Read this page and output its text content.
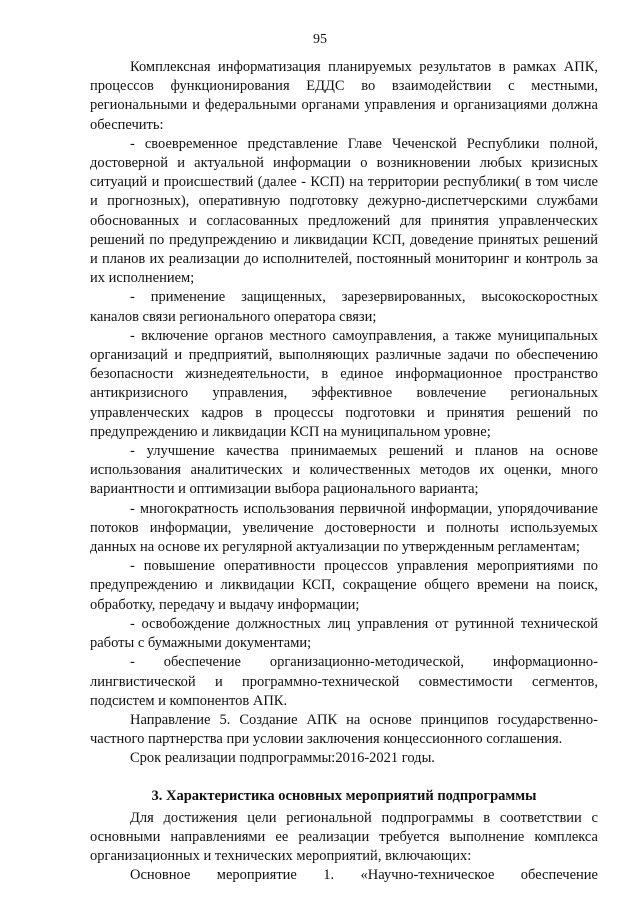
95

Комплексная информатизация планируемых результатов в рамках АПК, процессов функционирования ЕДДС во взаимодействии с местными, региональными и федеральными органами управления и организациями должна обеспечить:

- своевременное представление Главе Чеченской Республики полной, достоверной и актуальной информации о возникновении любых кризисных ситуаций и происшествий (далее - КСП) на территории республики( в том числе и прогнозных), оперативную подготовку дежурно-диспетчерскими службами обоснованных и согласованных предложений для принятия управленческих решений по предупреждению и ликвидации КСП, доведение принятых решений и планов их реализации до исполнителей, постоянный мониторинг и контроль за их исполнением;

- применение защищенных, зарезервированных, высокоскоростных каналов связи регионального оператора связи;

- включение органов местного самоуправления, а также муниципальных организаций и предприятий, выполняющих различные задачи по обеспечению безопасности жизнедеятельности, в единое информационное пространство антикризисного управления, эффективное вовлечение региональных управленческих кадров в процессы подготовки и принятия решений по предупреждению и ликвидации КСП на муниципальном уровне;

- улучшение качества принимаемых решений и планов на основе использования аналитических и количественных методов их оценки, много вариантности и оптимизации выбора рационального варианта;

- многократность использования первичной информации, упорядочивание потоков информации, увеличение достоверности и полноты используемых данных на основе их регулярной актуализации по утвержденным регламентам;

- повышение оперативности процессов управления мероприятиями по предупреждению и ликвидации КСП, сокращение общего времени на поиск, обработку, передачу и выдачу информации;

- освобождение должностных лиц управления от рутинной технической работы с бумажными документами;

- обеспечение организационно-методической, информационно-лингвистической и программно-технической совместимости сегментов, подсистем и компонентов АПК.

Направление 5. Создание АПК на основе принципов государственно-частного партнерства при условии заключения концессионного соглашения.

Срок реализации подпрограммы:2016-2021 годы.

3. Характеристика основных мероприятий подпрограммы

Для достижения цели региональной подпрограммы в соответствии с основными направлениями ее реализации требуется выполнение комплекса организационных и технических мероприятий, включающих:

Основное мероприятие 1. «Научно-техническое обеспечение
